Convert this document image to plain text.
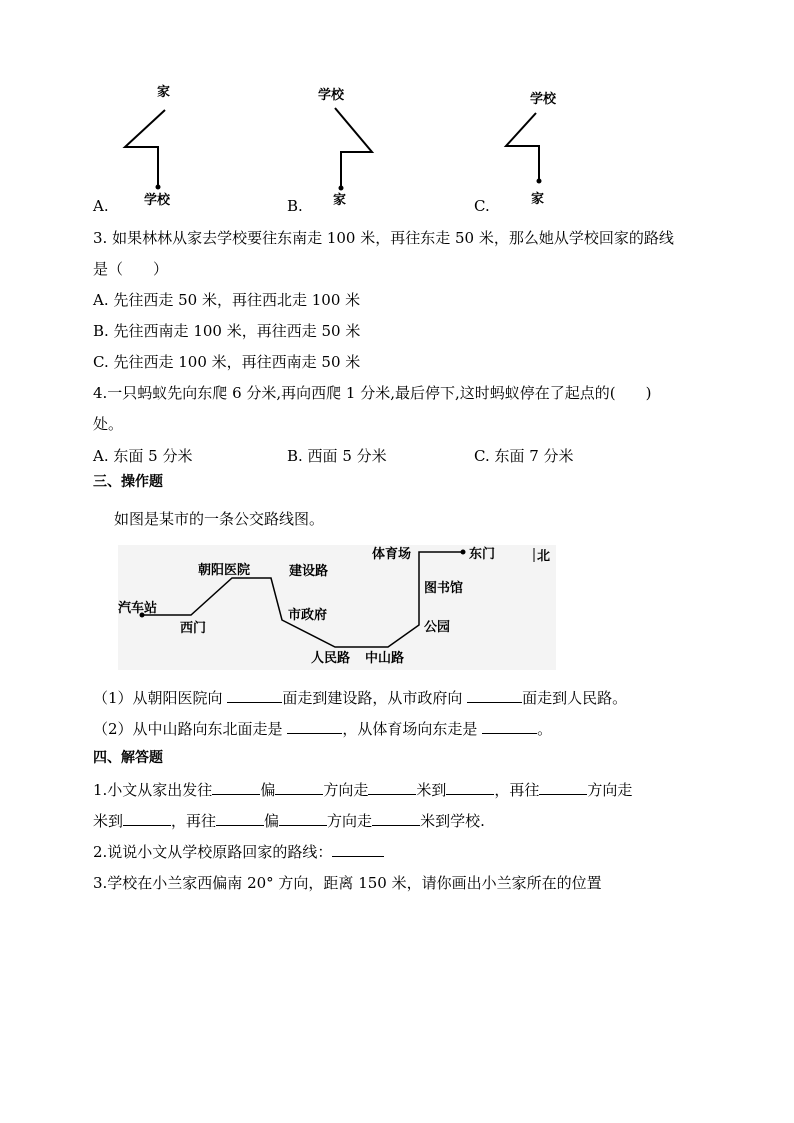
家
学校
学校
家
学校
家
A.	B.	C.
3. 如果林林从家去学校要往东南走 100 米，再往东走 50 米，那么她从学校回家的路线
是（　　）
A. 先往西走 50 米，再往西北走 100 米
B. 先往西南走 100 米，再往西走 50 米
C. 先往西走 100 米，再往西南走 50 米
4.一只蚂蚁先向东爬 6 分米,再向西爬 1 分米,最后停下,这时蚂蚁停在了起点的(　　)
处。
A. 东面 5 分米	B. 西面 5 分米	C. 东面 7 分米
三、操作题
如图是某市的一条公交路线图。
汽车站
西门
朝阳医院	建设路
市政府
人民路 中山路
公园
图书馆
体育场	东门	北
（1）从朝阳医院向	面走到建设路，从市政府向	面走到人民路。
（2）从中山路向东北面走是	，从体育场向东走是	。
四、解答题
1.小文从家出发往	偏	方向走	米到	，再往	方向走
米到	，再往	偏	方向走	米到学校.
2.说说小文从学校原路回家的路线：
3.学校在小兰家西偏南 20° 方向，距离 150 米，请你画出小兰家所在的位置
